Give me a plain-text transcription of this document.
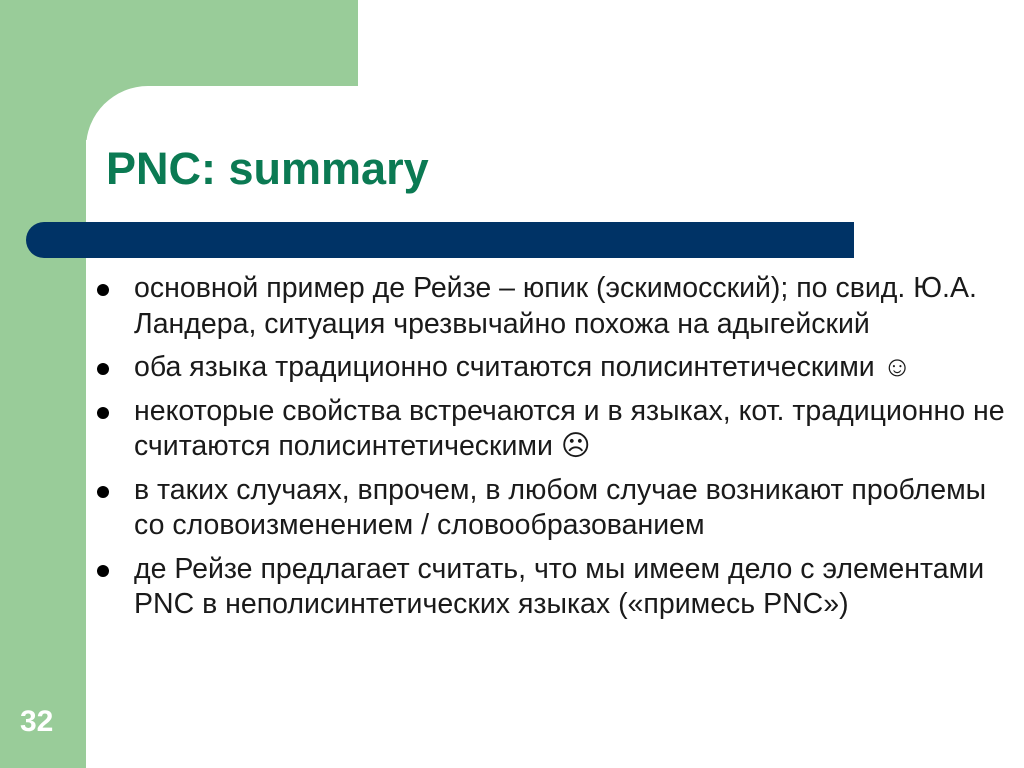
PNC: summary
основной пример де Рейзе – юпик (эскимосский); по свид. Ю.А. Ландера, ситуация чрезвычайно похожа на адыгейский
оба языка традиционно считаются полисинтетическими ☺
некоторые свойства встречаются и в языках, кот. традиционно не считаются полисинтетическими ☹
в таких случаях, впрочем, в любом случае возникают проблемы со словоизменением / словообразованием
де Рейзе предлагает считать, что мы имеем дело с элементами PNC в неполисинтетических языках («примесь PNC»)
32
